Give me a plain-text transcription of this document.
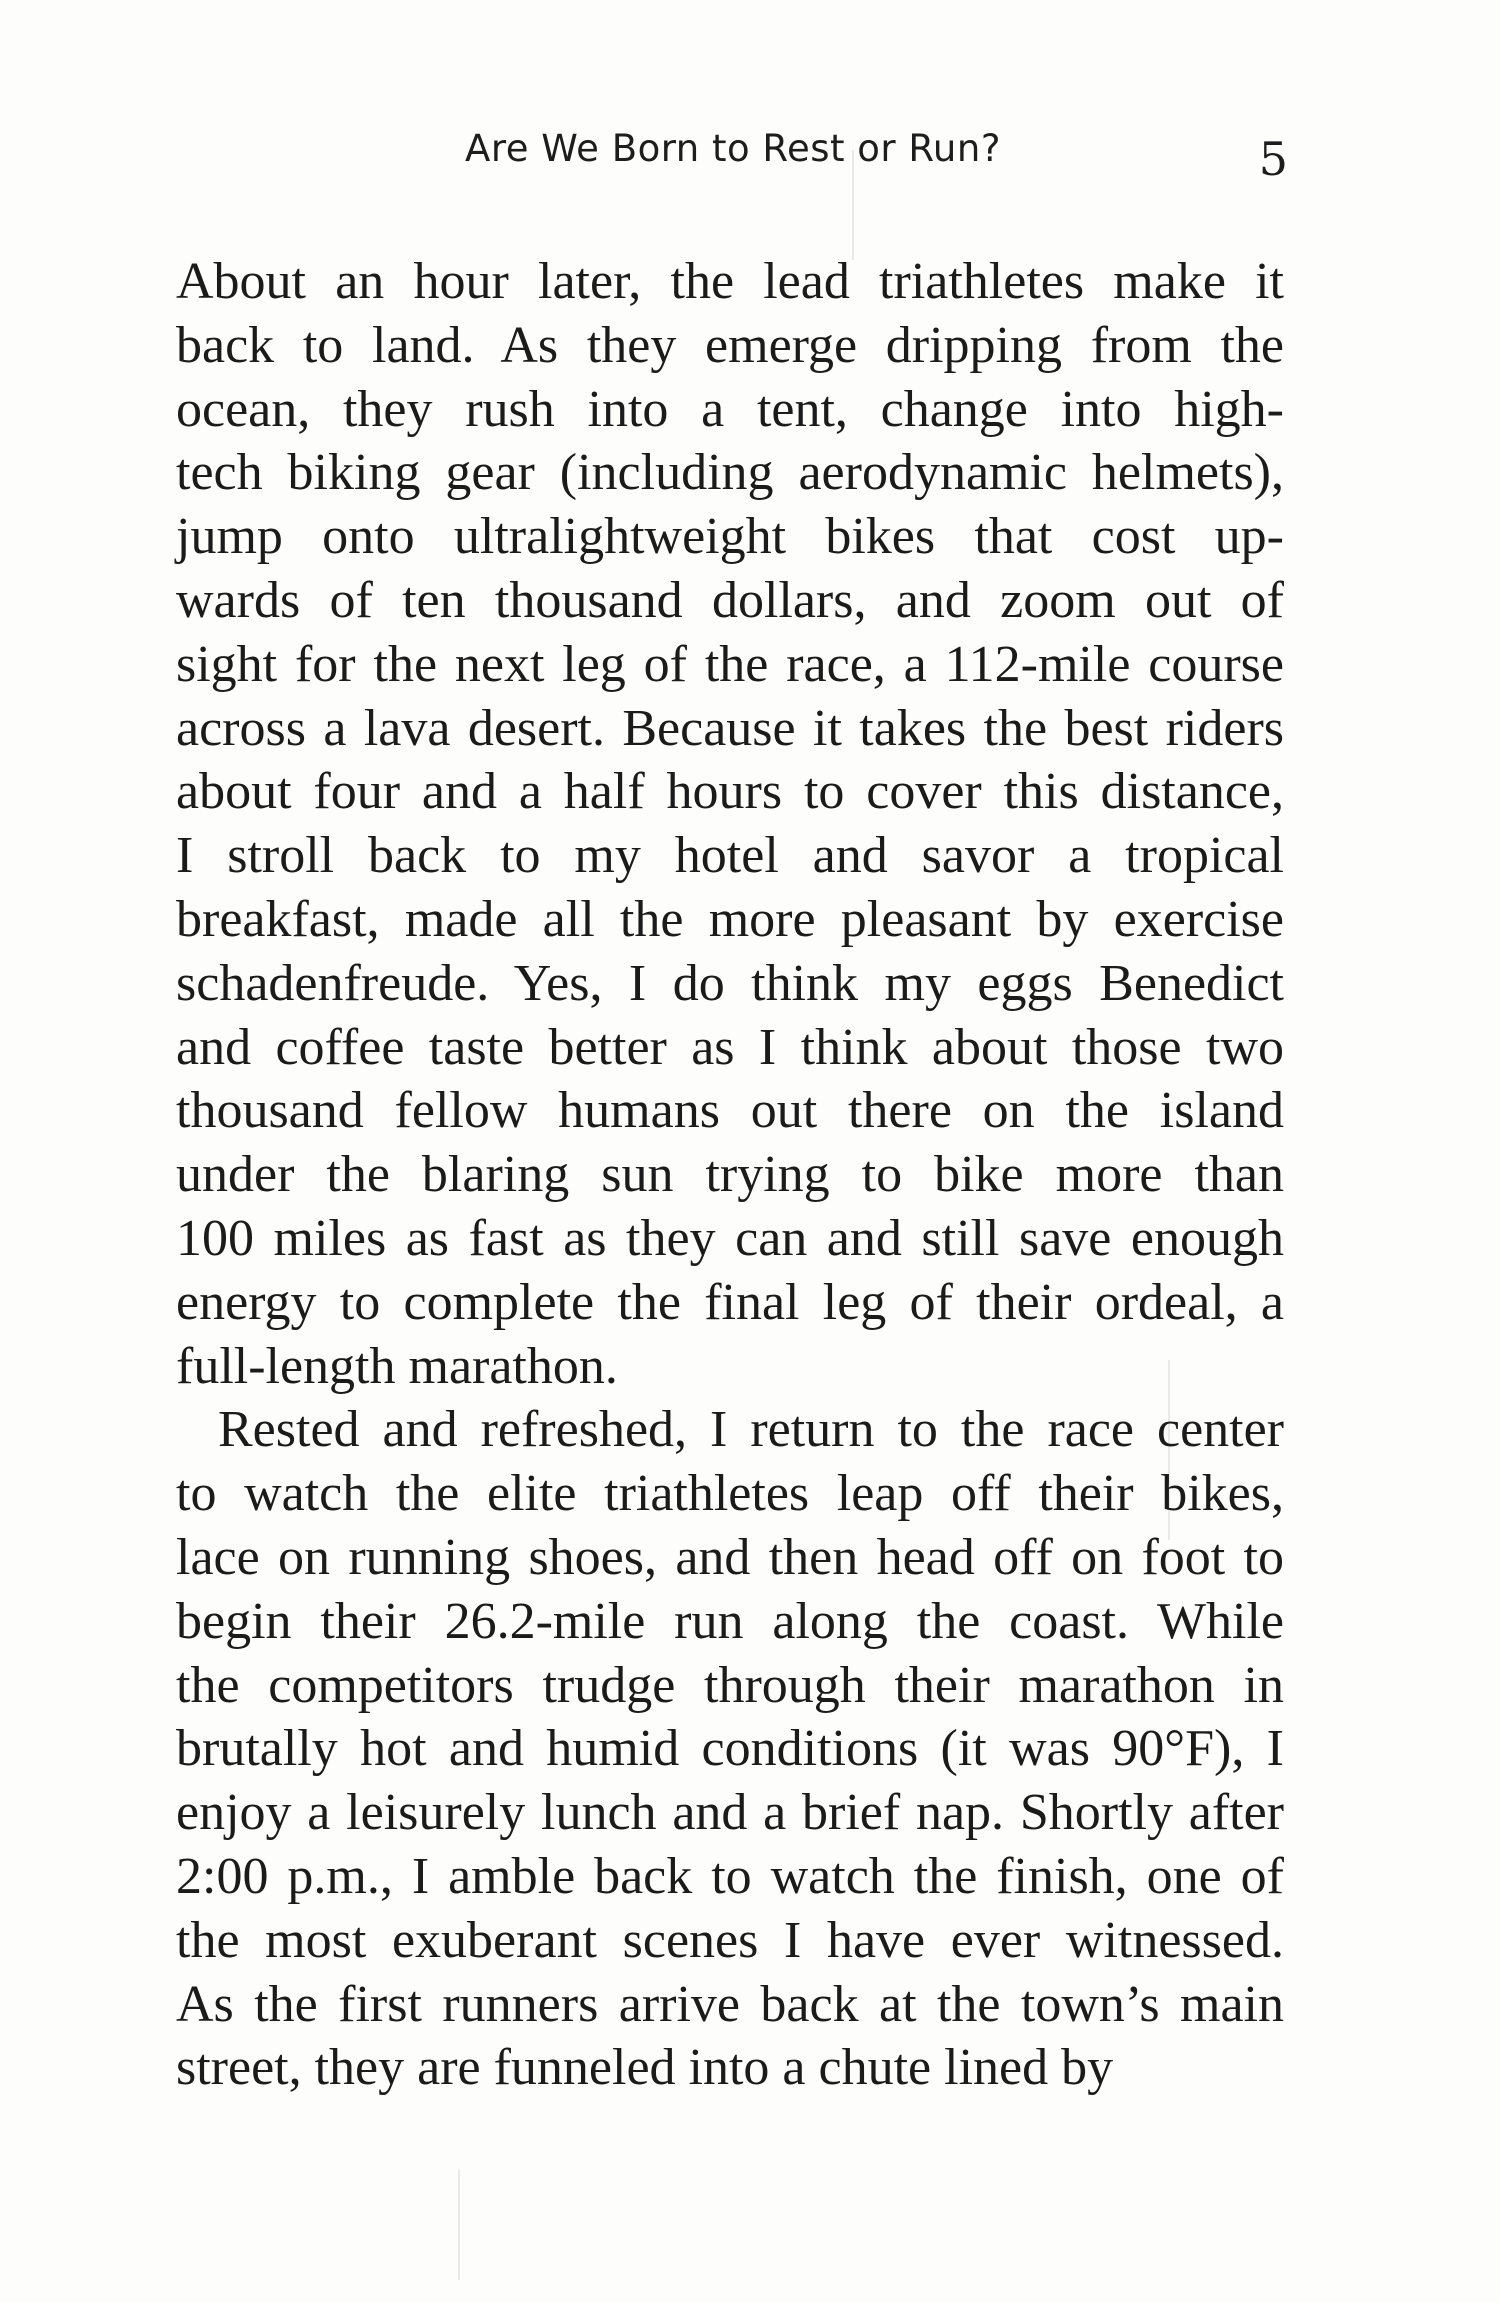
Are We Born to Rest or Run?	5
About an hour later, the lead triathletes make it
back to land. As they emerge dripping from the
ocean, they rush into a tent, change into high-
tech biking gear (including aerodynamic helmets),
jump onto ultralightweight bikes that cost up-
wards of ten thousand dollars, and zoom out of
sight for the next leg of the race, a 112-mile course
across a lava desert. Because it takes the best riders
about four and a half hours to cover this distance,
I stroll back to my hotel and savor a tropical
breakfast, made all the more pleasant by exercise
schadenfreude. Yes, I do think my eggs Benedict
and coffee taste better as I think about those two
thousand fellow humans out there on the island
under the blaring sun trying to bike more than
100 miles as fast as they can and still save enough
energy to complete the final leg of their ordeal, a
full-length marathon.
Rested and refreshed, I return to the race center
to watch the elite triathletes leap off their bikes,
lace on running shoes, and then head off on foot to
begin their 26.2-mile run along the coast. While
the competitors trudge through their marathon in
brutally hot and humid conditions (it was 90°F), I
enjoy a leisurely lunch and a brief nap. Shortly after
2:00 p.m., I amble back to watch the finish, one of
the most exuberant scenes I have ever witnessed.
As the first runners arrive back at the town’s main
street, they are funneled into a chute lined by
